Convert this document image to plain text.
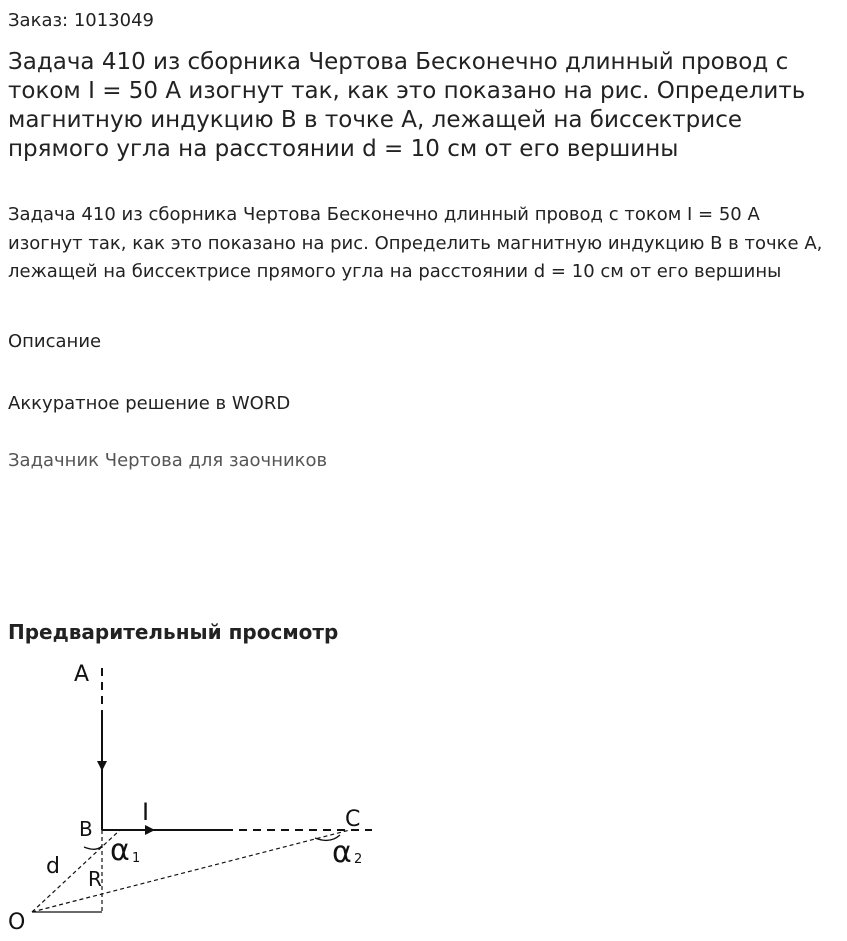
Заказ: 1013049
Задача 410 из сборника Чертова Бесконечно длинный провод с током I = 50 А изогнут так, как это показано на рис. Определить магнитную индукцию B в точке A, лежащей на биссектрисе прямого угла на расстоянии d = 10 см от его вершины

Задача 410 из сборника Чертова Бесконечно длинный провод с током I = 50 А изогнут так, как это показано на рис. Определить магнитную индукцию B в точке A, лежащей на биссектрисе прямого угла на расстоянии d = 10 см от его вершины

Описание
Аккуратное решение в WORD
Задачник Чертова для заочников
Предварительный просмотр
A
I
B	C
α 1	α 2
d R
O
